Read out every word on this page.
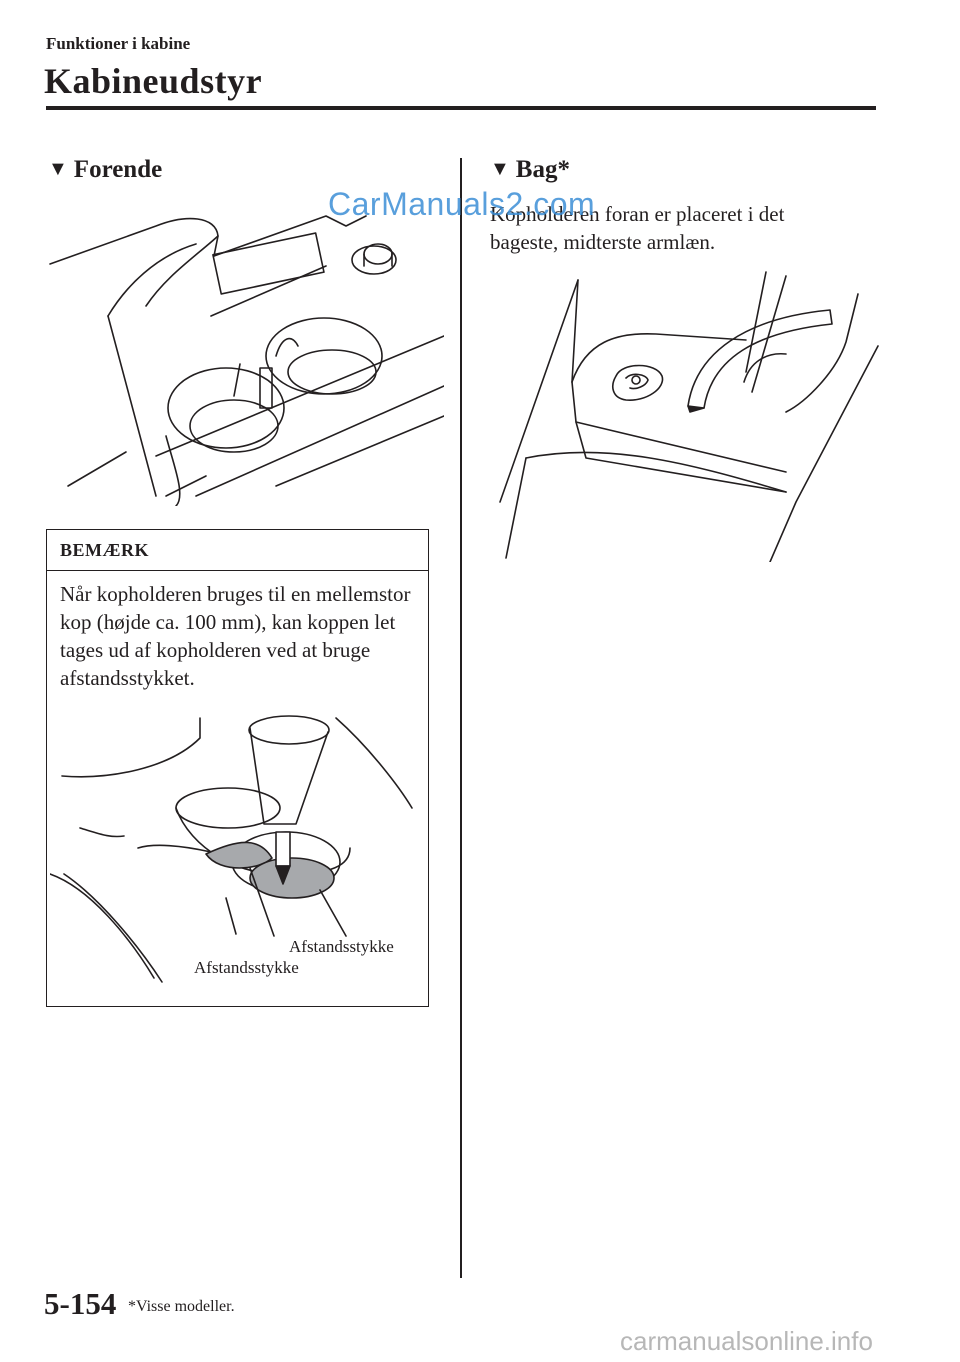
Funktioner i kabine
Kabineudstyr
▼ Forende	▼ Bag*
Kopholderen foran er placeret i det bageste, midterste armlæn.
CarManuals2.com
BEMÆRK
Når kopholderen bruges til en mellemstor kop (højde ca. 100 mm), kan koppen let tages ud af kopholderen ved at bruge afstandsstykket.
Afstandsstykke
Afstandsstykke
5-154 *Visse modeller.
carmanualsonline.info
